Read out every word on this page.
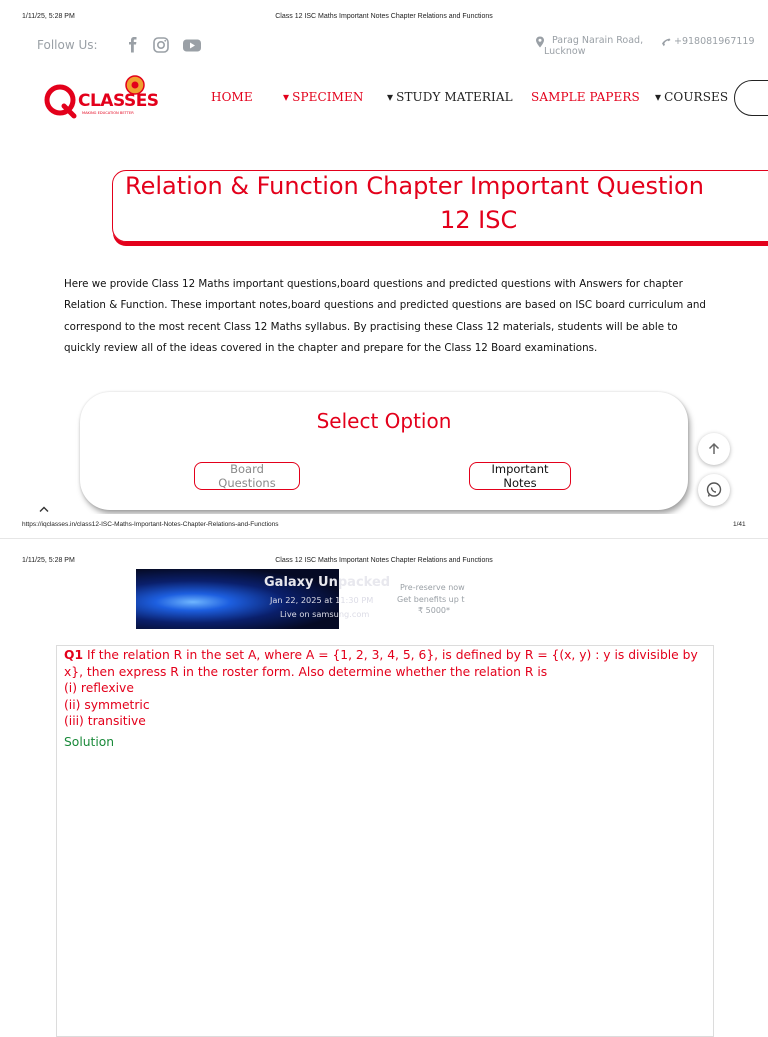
1/11/25, 5:28 PM	Class 12 ISC Maths Important Notes Chapter Relations and Functions
Follow Us:	Parag Narain Road,
Lucknow
+918081967119
CLASSES
MAKING EDUCATION BETTER
HOME	▾ SPECIMEN ▾ STUDY MATERIAL SAMPLE PAPERS ▾ COURSES
Relation & Function Chapter Important Question
12 ISC

Here we provide Class 12 Maths important questions,board questions and predicted questions with Answers for chapter Relation & Function. These important notes,board questions and predicted questions are based on ISC board curriculum and correspond to the most recent Class 12 Maths syllabus. By practising these Class 12 materials, students will be able to quickly review all of the ideas covered in the chapter and prepare for the Class 12 Board examinations.

Select Option
Board Questions
Important Notes
https://iqclasses.in/class12-ISC-Maths-Important-Notes-Chapter-Relations-and-Functions	1/41
1/11/25, 5:28 PM	Class 12 ISC Maths Important Notes Chapter Relations and Functions
Galaxy Unpacked
Jan 22, 2025 at 11:30 PM
Live on samsung.com
Pre-reserve now
Get benefits up t
₹ 5000*
Q1 If the relation R in the set A, where A = {1, 2, 3, 4, 5, 6}, is defined by R = {(x, y) : y is divisible by x}, then express R in the roster form. Also determine whether the relation R is
(i) reflexive
(ii) symmetric
(iii) transitive
Solution
